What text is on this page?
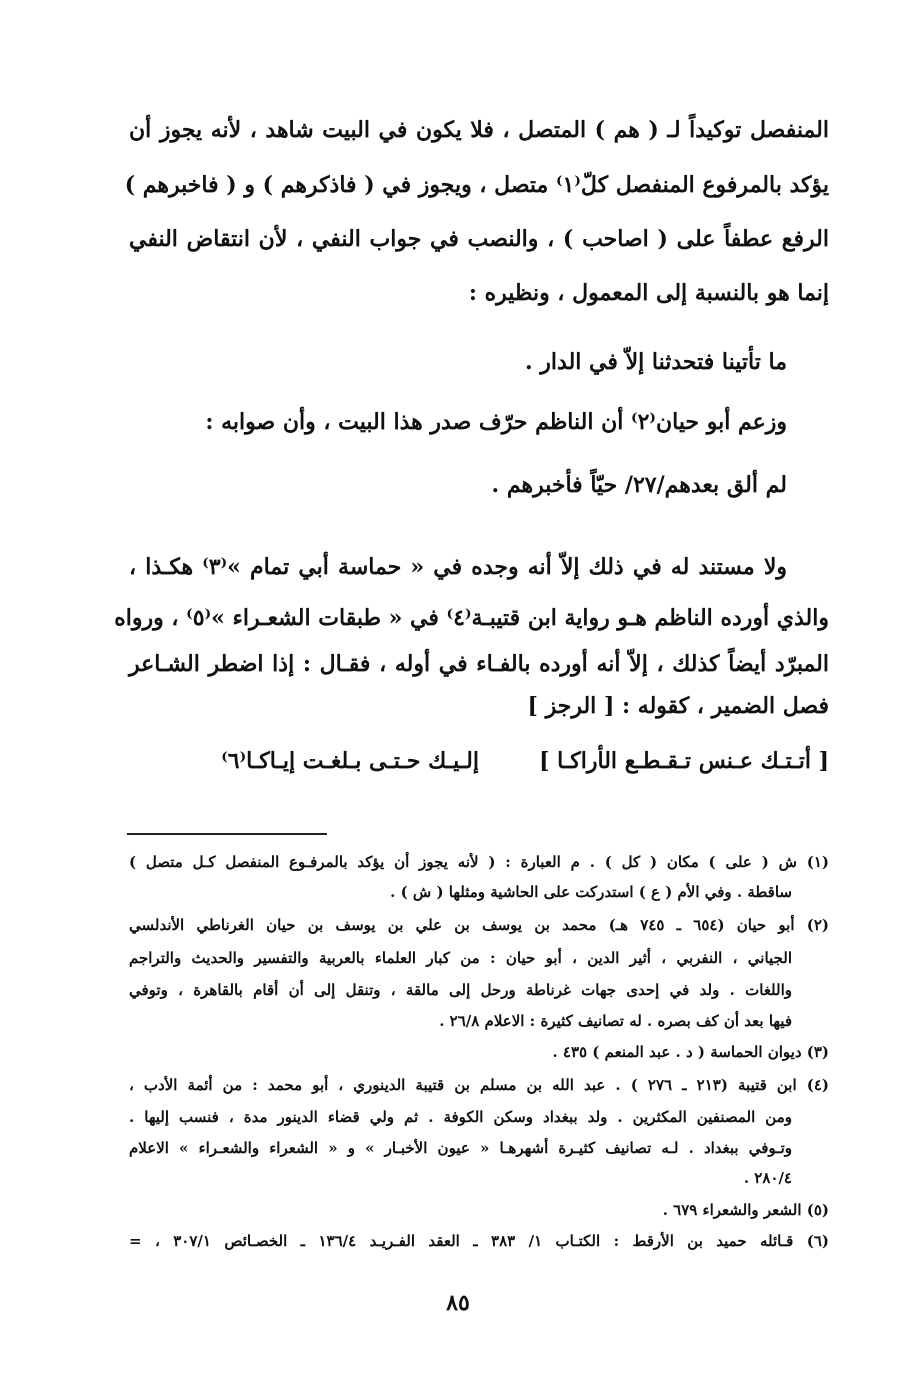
المنفصل توكيداً لـ ( هم ) المتصل ، فلا يكون في البيت شاهد ، لأنه يجوز أن
يؤكد بالمرفوع المنفصل كلّ⁽١⁾ متصل ، ويجوز في ( فاذكرهم ) و ( فاخبرهم )
الرفع عطفاً على ( اصاحب ) ، والنصب في جواب النفي ، لأن انتقاض النفي
إنما هو بالنسبة إلى المعمول ، ونظيره :
ما تأتينا فتحدثنا إلاّ في الدار .
وزعم أبو حيان⁽٢⁾ أن الناظم حرّف صدر هذا البيت ، وأن صوابه :
لم ألق بعدهم/٢٧/ حيّاً فأخبرهم .
ولا مستند له في ذلك إلاّ أنه وجده في « حماسة أبي تمام »⁽٣⁾ هكـذا ،
والذي أورده الناظم هـو رواية ابن قتيبـة⁽٤⁾ في « طبقات الشعـراء »⁽٥⁾ ، ورواه
المبرّد أيضاً كذلك ، إلاّ أنه أورده بالفـاء في أوله ، فقـال : إذا اضطر الشـاعر
فصل الضمير ، كقوله : [ الرجز ]
[ أتـتـك عـنس تـقـطـع الأراكـا ]
إلـيـك حـتـى بـلغـت إيـاكـا⁽٦⁾
(١) ش ( على ) مكان ( كل ) . م العبارة : ( لأنه يجوز أن يؤكد بالمرفـوع المنفصل كـل متصل )
ساقطة . وفي الأم ( ع ) استدركت على الحاشية ومثلها ( ش ) .
(٢) أبو حيان (٦٥٤ ـ ٧٤٥ هـ) محمد بن يوسف بن علي بن يوسف بن حيان الغرناطي الأندلسي
الجياني ، النفربي ، أثير الدين ، أبو حيان : من كبار العلماء بالعربية والتفسير والحديث والتراجم
واللغات . ولد في إحدى جهات غرناطة ورحل إلى مالقة ، وتنقل إلى أن أقام بالقاهرة ، وتوفي
فيها بعد أن كف بصره . له تصانيف كثيرة : الاعلام ٢٦/٨ .
(٣) ديوان الحماسة ( د . عبد المنعم ) ٤٣٥ .
(٤) ابن قتيبة (٢١٣ ـ ٢٧٦ ) . عبد الله بن مسلم بن قتيبة الدينوري ، أبو محمد : من أئمة الأدب ،
ومن المصنفين المكثرين . ولد ببغداد وسكن الكوفة . ثم ولي قضاء الدينور مدة ، فنسب إليها .
وتـوفي ببغداد . لـه تصانيف كثيـرة أشهرهـا « عيون الأخبـار » و « الشعراء والشعـراء » الاعلام
٢٨٠/٤ .
(٥) الشعر والشعراء ٦٧٩ .
(٦) قـائله حميد بن الأرقط : الكتـاب ١/ ٣٨٣ ـ العقد الفـريـد ١٣٦/٤ ـ الخصـائص ٣٠٧/١ ، =
٨٥
